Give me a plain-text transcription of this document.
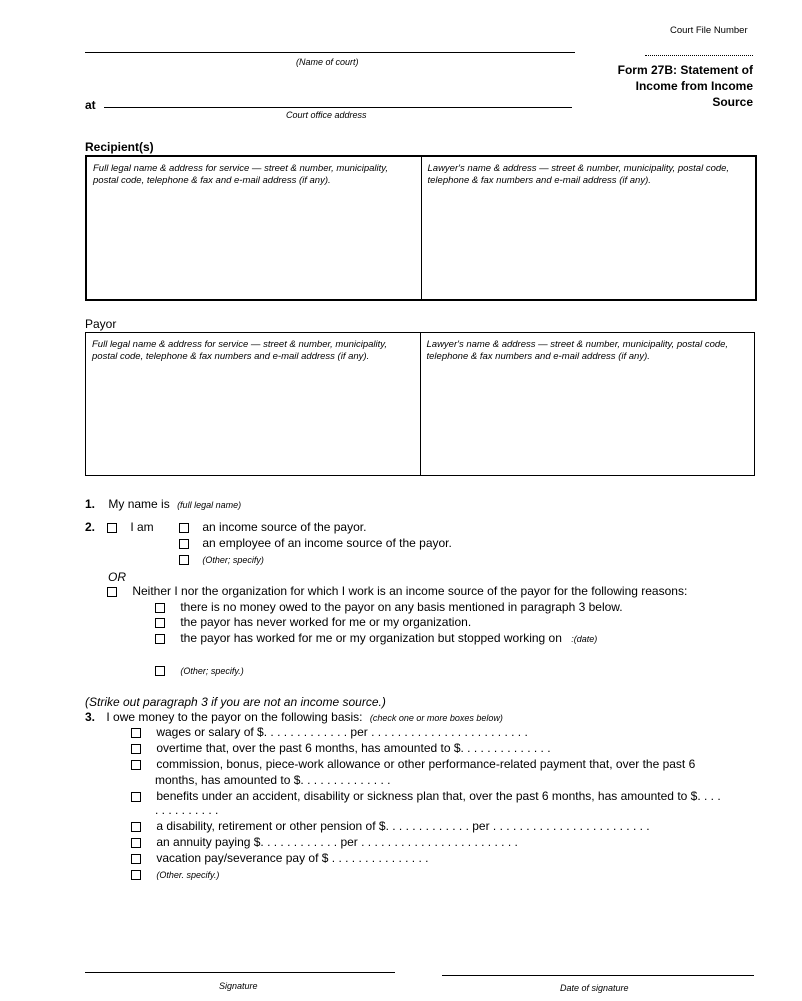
Court File Number
(Name of court)
at
Court office address
Form 27B: Statement of
Income from Income
Source
Recipient(s)
Full legal name & address for service — street & number, municipality, postal code, telephone & fax and e-mail address (if any).
Lawyer's name & address — street & number, municipality, postal code, telephone & fax numbers and e-mail address (if any).
Payor
Full legal name & address for service — street & number, municipality, postal code, telephone & fax numbers and e-mail address (if any).
Lawyer's name & address — street & number, municipality, postal code, telephone & fax numbers and e-mail address (if any).
1. My name is (full legal name)
2.	I am	an income source of the payor.
an employee of an income source of the payor.
(Other; specify)
OR
Neither I nor the organization for which I work is an income source of the payor for the following reasons:
there is no money owed to the payor on any basis mentioned in paragraph 3 below.
the payor has never worked for me or my organization.
the payor has worked for me or my organization but stopped working on :(date)
(Other; specify.)
(Strike out paragraph 3 if you are not an income source.)
3. I owe money to the payor on the following basis: (check one or more boxes below)
wages or salary of $. . . . . . . . . . . . . per . . . . . . . . . . . . . . . . . . . . . . . .
overtime that, over the past 6 months, has amounted to $. . . . . . . . . . . . . .
commission, bonus, piece-work allowance or other performance-related payment that, over the past 6
months, has amounted to $. . . . . . . . . . . . . .
benefits under an accident, disability or sickness plan that, over the past 6 months, has amounted to $. . . .
. . . . . . . . . .
a disability, retirement or other pension of $. . . . . . . . . . . . . per . . . . . . . . . . . . . . . . . . . . . . . .
an annuity paying $. . . . . . . . . . . . per . . . . . . . . . . . . . . . . . . . . . . . .
vacation pay/severance pay of $ . . . . . . . . . . . . . . .
(Other. specify.)
Signature	Date of signature
